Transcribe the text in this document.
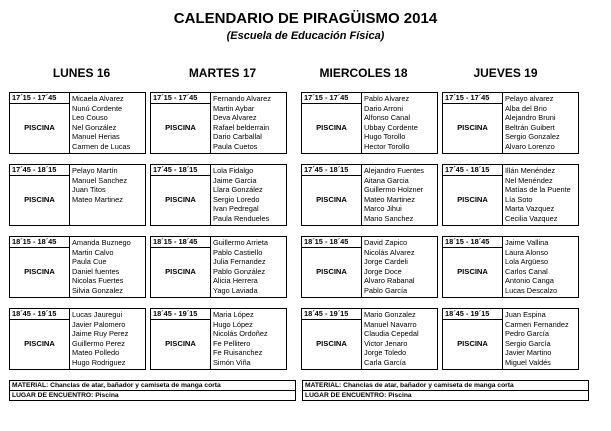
CALENDARIO DE PIRAGÜISMO 2014
(Escuela de Educación Física)
LUNES 16	MARTES 17	MIERCOLES 18	JUEVES 19
17´15 - 17´45	Micaela Alvarez
Nunú Cordente
Leo Couso
Nel González
Manuel Herias
Carmen de Lucas

PISCINA
17´15 - 17´45	Fernando Alvarez
Martin Aybar
Deva Alvarez
Rafael belderrain
Dario Carballal
Paula Cuetos

PISCINA
17´15 - 17´45	Pablo Alvarez
Dario Arroni
Alfonso Canal
Ubbay Cordente
Hugo Torollo
Hector Torollo

PISCINA
17´15 - 17´45	Pelayo alvarez
Alba del Brio
Alejandro Bruni
Beltrán Guibert
Sergio Gonzalez
Alvaro Lorenzo

PISCINA
17´45 - 18´15	Pelayo Martín
Manuel Sanchez
Juan Titos
Mateo Martinez

PISCINA
17´45 - 18´15	Lola Fidalgo
Jaime Garcia
Llara González
Sergio Loredo
Ivan Pedregal
Paula Rendueles

PISCINA
17´45 - 18´15	Alejandro Fuentes
Aitana Garcia
Guillermo Holzner
Mateo Martinez
Marco Jihui
Mario Sanchez

PISCINA
17´45 - 18´15	Illán Menéndez
Nel Menéndez
Matías de la Puente
Lía Soto
Marta Vazquez
Cecilia Vazquez

PISCINA
18´15 - 18´45	Amanda Buznego
Martin Calvo
Paula Cue
Daniel fuentes
Nicolas Fuertes
Silvia Gonzalez

PISCINA
18´15 - 18´45	Guillermo Arrieta
Pablo Castiello
Julia Fernandez
Pablo González
Alicia Herrera
Yago Laviada

PISCINA
18´15 - 18´45	David Zapico
Nicolás Alvarez
Jorge Cardeli
Jorge Doce
Alvaro Rabanal
Pablo García

PISCINA
18´15 - 18´45	Jaime Vallina
Laura Alonso
Lola Argüeso
Carlos Canal
Antonio Canga
Lucas Descalzo

PISCINA
18´45 - 19´15	Lucas Jauregui
Javier Palomero
Jaime Ruy Perez
Guillermo Perez
Mateo Polledo
Hugo Rodriguez

PISCINA
18´45 - 19´15	Maria López
Hugo López
Nicolás Ordoñez
Fe Pellitero
Fe Ruisanchez
Simón Viña

PISCINA
18´45 - 19´15	Mario Gonzalez
Manuel Navarro
Claudia Cepedal
Victor Jenaro
Jorge Toledo
Carla García

PISCINA
18´45 - 19´15	Juan Espina
Carmen Fernandez
Pedro García
Sergio García
Javier Martino
Miguel Valdés

PISCINA
MATERIAL: Chanclas de atar, bañador y camiseta de manga corta
LUGAR DE ENCUENTRO: Piscina
MATERIAL: Chanclas de atar, bañador y camiseta de manga corta
LUGAR DE ENCUENTRO: Piscina
